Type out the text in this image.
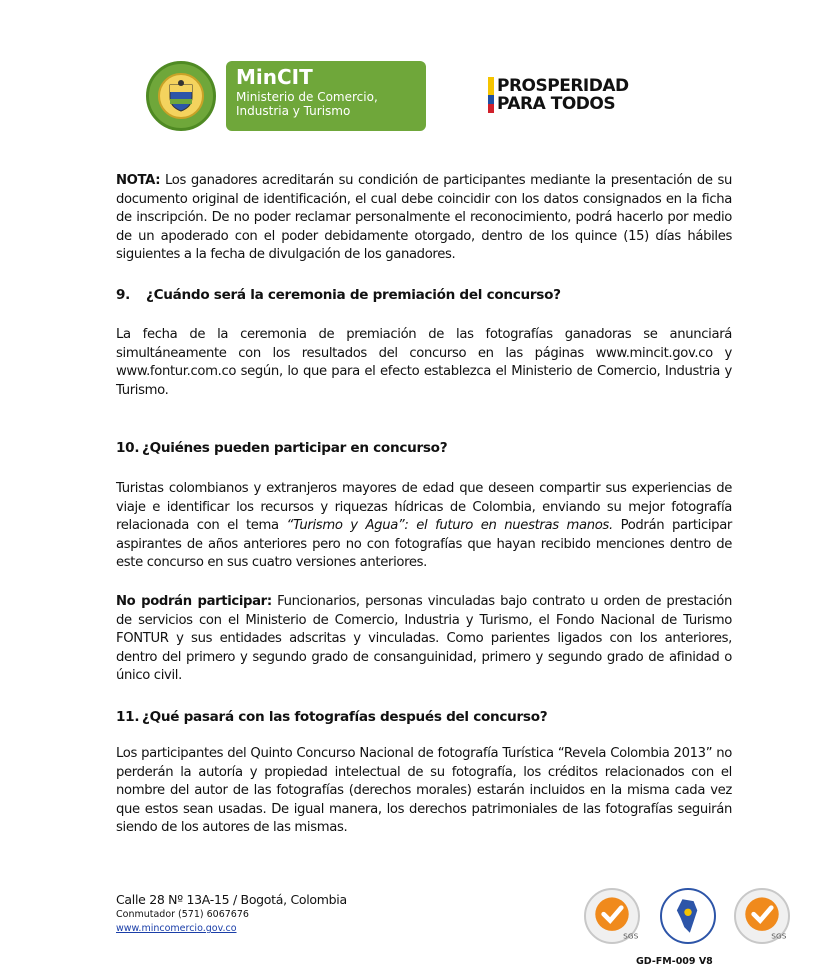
MinCIT
Ministerio de Comercio,
Industria y Turismo
PROSPERIDAD
PARA TODOS
NOTA: Los ganadores acreditarán su condición de participantes mediante la presentación de su documento original de identificación, el cual debe coincidir con los datos consignados en la ficha de inscripción. De no poder reclamar personalmente el reconocimiento, podrá hacerlo por medio de un apoderado con el poder debidamente otorgado, dentro de los quince (15) días hábiles siguientes a la fecha de divulgación de los ganadores.
9. ¿Cuándo será la ceremonia de premiación del concurso?
La fecha de la ceremonia de premiación de las fotografías ganadoras se anunciará simultáneamente con los resultados del concurso en las páginas www.mincit.gov.co y www.fontur.com.co según, lo que para el efecto establezca el Ministerio de Comercio, Industria y Turismo.
10. ¿Quiénes pueden participar en concurso?
Turistas colombianos y extranjeros mayores de edad que deseen compartir sus experiencias de viaje e identificar los recursos y riquezas hídricas de Colombia, enviando su mejor fotografía relacionada con el tema “Turismo y Agua”: el futuro en nuestras manos. Podrán participar aspirantes de años anteriores pero no con fotografías que hayan recibido menciones dentro de este concurso en sus cuatro versiones anteriores.
No podrán participar: Funcionarios, personas vinculadas bajo contrato u orden de prestación de servicios con el Ministerio de Comercio, Industria y Turismo, el Fondo Nacional de Turismo FONTUR y sus entidades adscritas y vinculadas. Como parientes ligados con los anteriores, dentro del primero y segundo grado de consanguinidad, primero y segundo grado de afinidad o único civil.
11. ¿Qué pasará con las fotografías después del concurso?
Los participantes del Quinto Concurso Nacional de fotografía Turística “Revela Colombia 2013” no perderán la autoría y propiedad intelectual de su fotografía, los créditos relacionados con el nombre del autor de las fotografías (derechos morales) estarán incluidos en la misma cada vez que estos sean usadas. De igual manera, los derechos patrimoniales de las fotografías seguirán siendo de los autores de las mismas.
Calle 28 Nº 13A-15 / Bogotá, Colombia
Conmutador (571) 6067676
www.mincomercio.gov.co
SGS	SGS
GD-FM-009 V8
